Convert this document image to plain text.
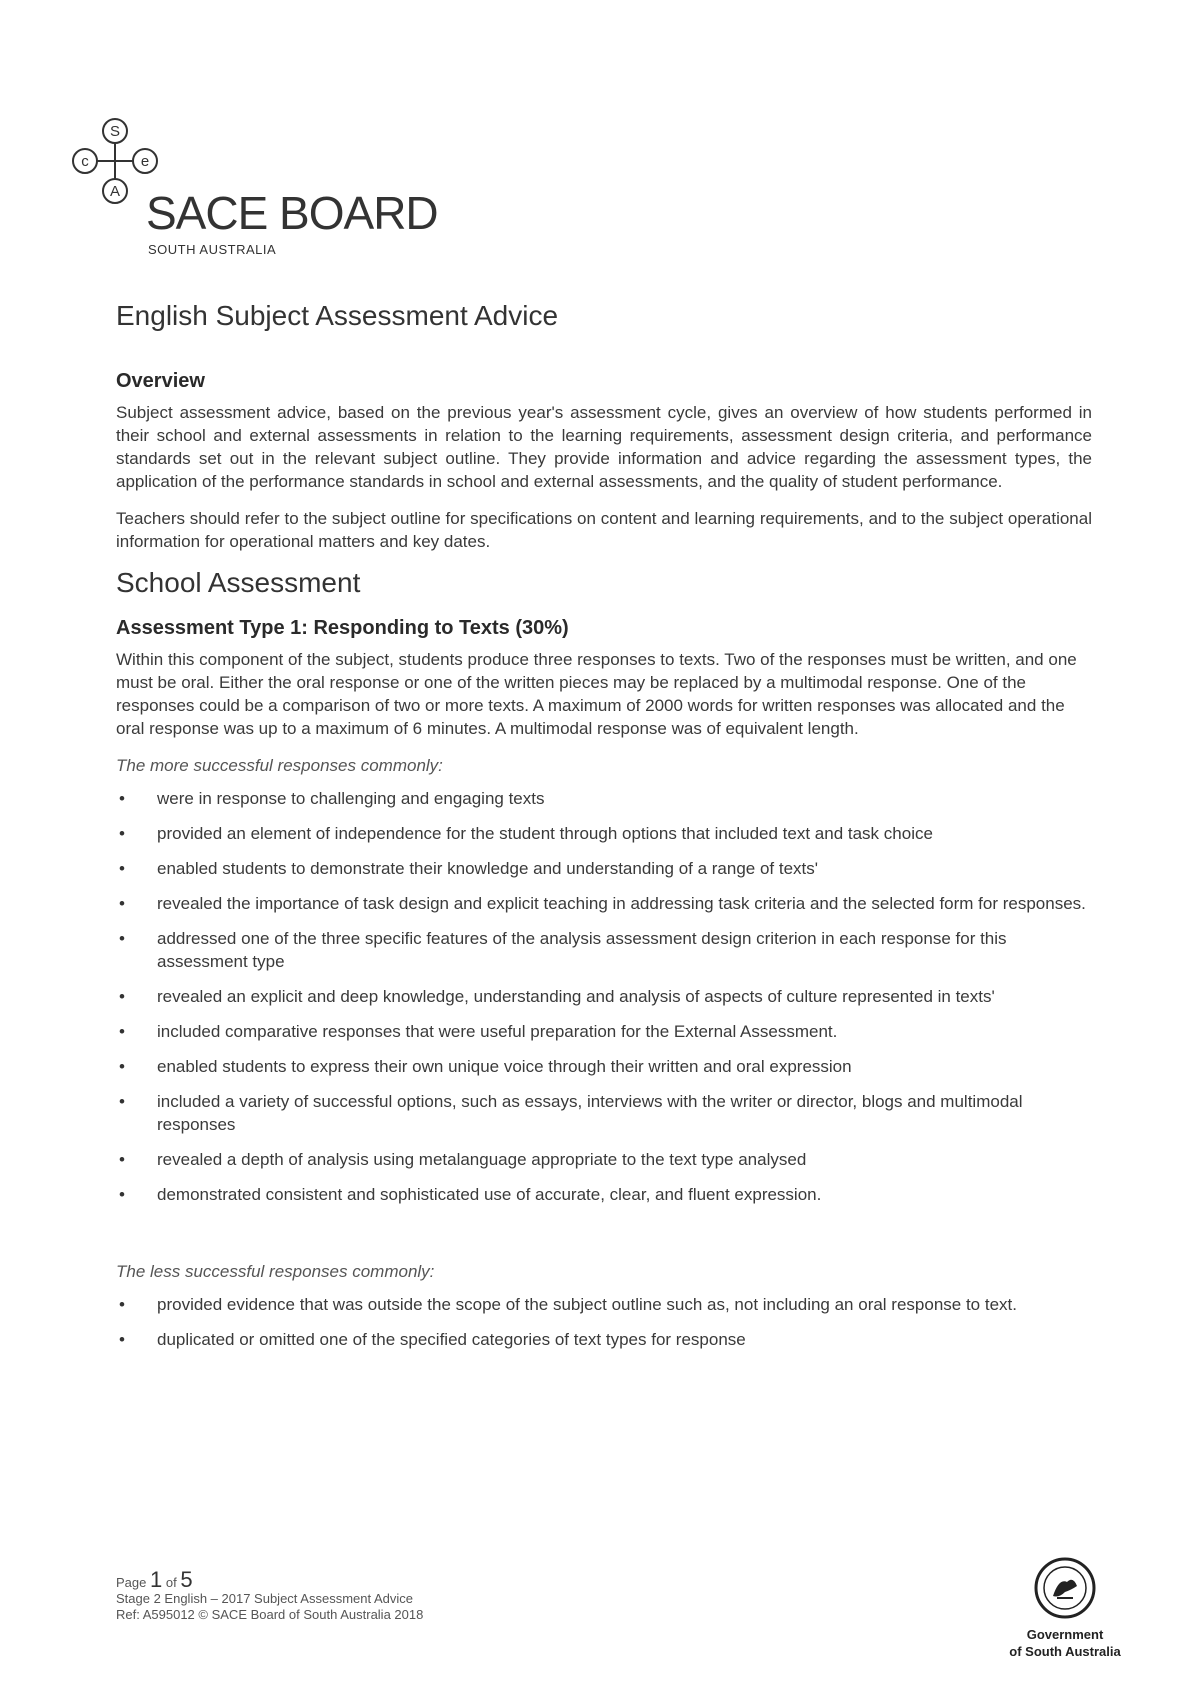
S
c	e
A SACE BOARD
SOUTH AUSTRALIA
English Subject Assessment Advice
Overview

Subject assessment advice, based on the previous year's assessment cycle, gives an overview of how students performed in their school and external assessments in relation to the learning requirements, assessment design criteria, and performance standards set out in the relevant subject outline. They provide information and advice regarding the assessment types, the application of the performance standards in school and external assessments, and the quality of student performance.

Teachers should refer to the subject outline for specifications on content and learning requirements, and to the subject operational information for operational matters and key dates.

School Assessment
Assessment Type 1: Responding to Texts (30%)

Within this component of the subject, students produce three responses to texts. Two of the responses must be written, and one must be oral. Either the oral response or one of the written pieces may be replaced by a multimodal response. One of the responses could be a comparison of two or more texts. A maximum of 2000 words for written responses was allocated and the oral response was up to a maximum of 6 minutes. A multimodal response was of equivalent length.

The more successful responses commonly:

• were in response to challenging and engaging texts
• provided an element of independence for the student through options that included text and task choice
• enabled students to demonstrate their knowledge and understanding of a range of texts'
• revealed the importance of task design and explicit teaching in addressing task criteria and the selected form for responses.
• addressed one of the three specific features of the analysis assessment design criterion in each response for this assessment type
• revealed an explicit and deep knowledge, understanding and analysis of aspects of culture represented in texts'
• included comparative responses that were useful preparation for the External Assessment.
• enabled students to express their own unique voice through their written and oral expression
• included a variety of successful options, such as essays, interviews with the writer or director, blogs and multimodal responses
• revealed a depth of analysis using metalanguage appropriate to the text type analysed
• demonstrated consistent and sophisticated use of accurate, clear, and fluent expression.

The less successful responses commonly:

• provided evidence that was outside the scope of the subject outline such as, not including an oral response to text.
• duplicated or omitted one of the specified categories of text types for response
Page 1 of 5
Stage 2 English – 2017 Subject Assessment Advice
Ref: A595012 © SACE Board of South Australia 2018
Government
of South Australia
